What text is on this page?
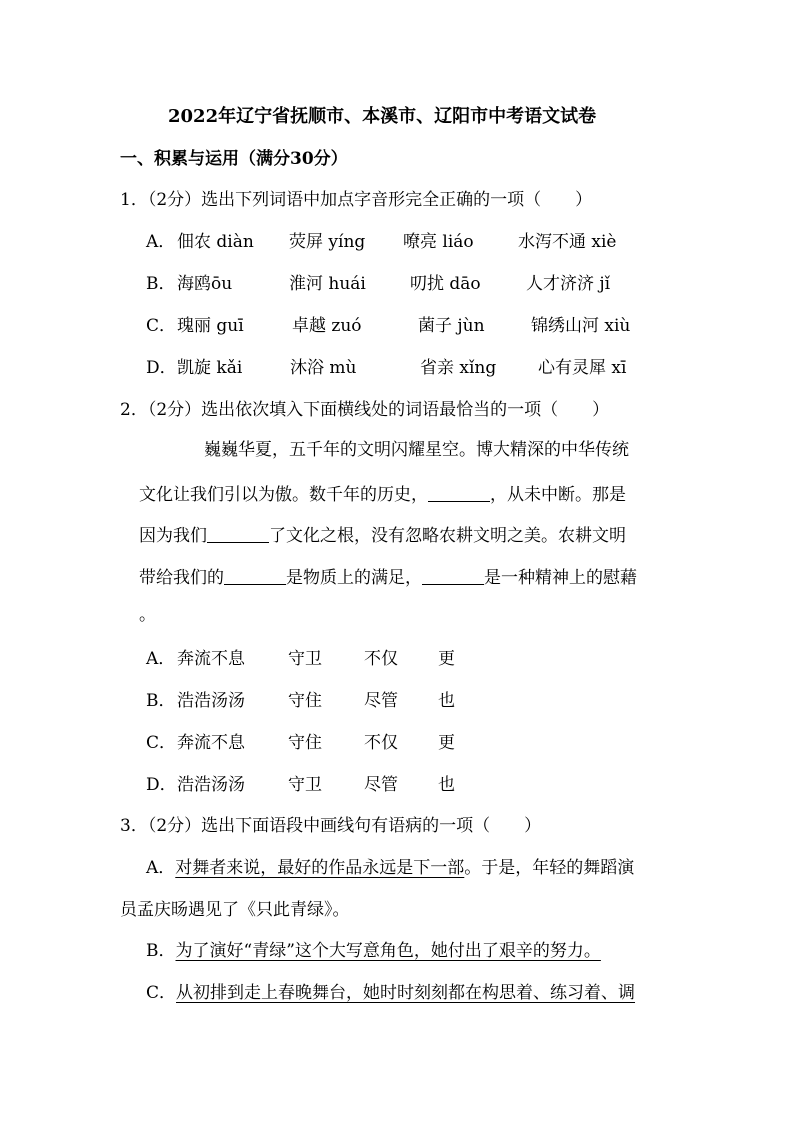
2022年辽宁省抚顺市、本溪市、辽阳市中考语文试卷
一、积累与运用（满分30分）
1．（2分）选出下列词语中加点字音形完全正确的一项（　　）
A． 佃农 diàn 荧屏 yíng 嘹亮 liáo	水泻不通 xiè
B． 海鸥ōu	淮河 huái	叨扰 dāo	人才济济 jǐ
C． 瑰丽 guī	卓越 zuó	菌子 jùn	锦绣山河 xiù
D． 凯旋 kǎi	沐浴 mù	省亲 xǐng 心有灵犀 xī
2．（2分）选出依次填入下面横线处的词语最恰当的一项（　　）
巍巍华夏，五千年的文明闪耀星空。博大精深的中华传统
文化让我们引以为傲。数千年的历史，	，从未中断。那是
因为我们	了文化之根，没有忽略农耕文明之美。农耕文明
带给我们的	是物质上的满足，	是一种精神上的慰藉
。
A． 奔流不息	守卫 不仅 更
B． 浩浩汤汤	守住 尽管 也
C． 奔流不息	守住 不仅 更
D． 浩浩汤汤	守卫 尽管 也
3．（2分）选出下面语段中画线句有语病的一项（　　）
A．对舞者来说，最好的作品永远是下一部。于是，年轻的舞蹈演
员孟庆旸遇见了《只此青绿》。
B．为了演好“青绿”这个大写意角色，她付出了艰辛的努力。
C．从初排到走上春晚舞台，她时时刻刻都在构思着、练习着、调
